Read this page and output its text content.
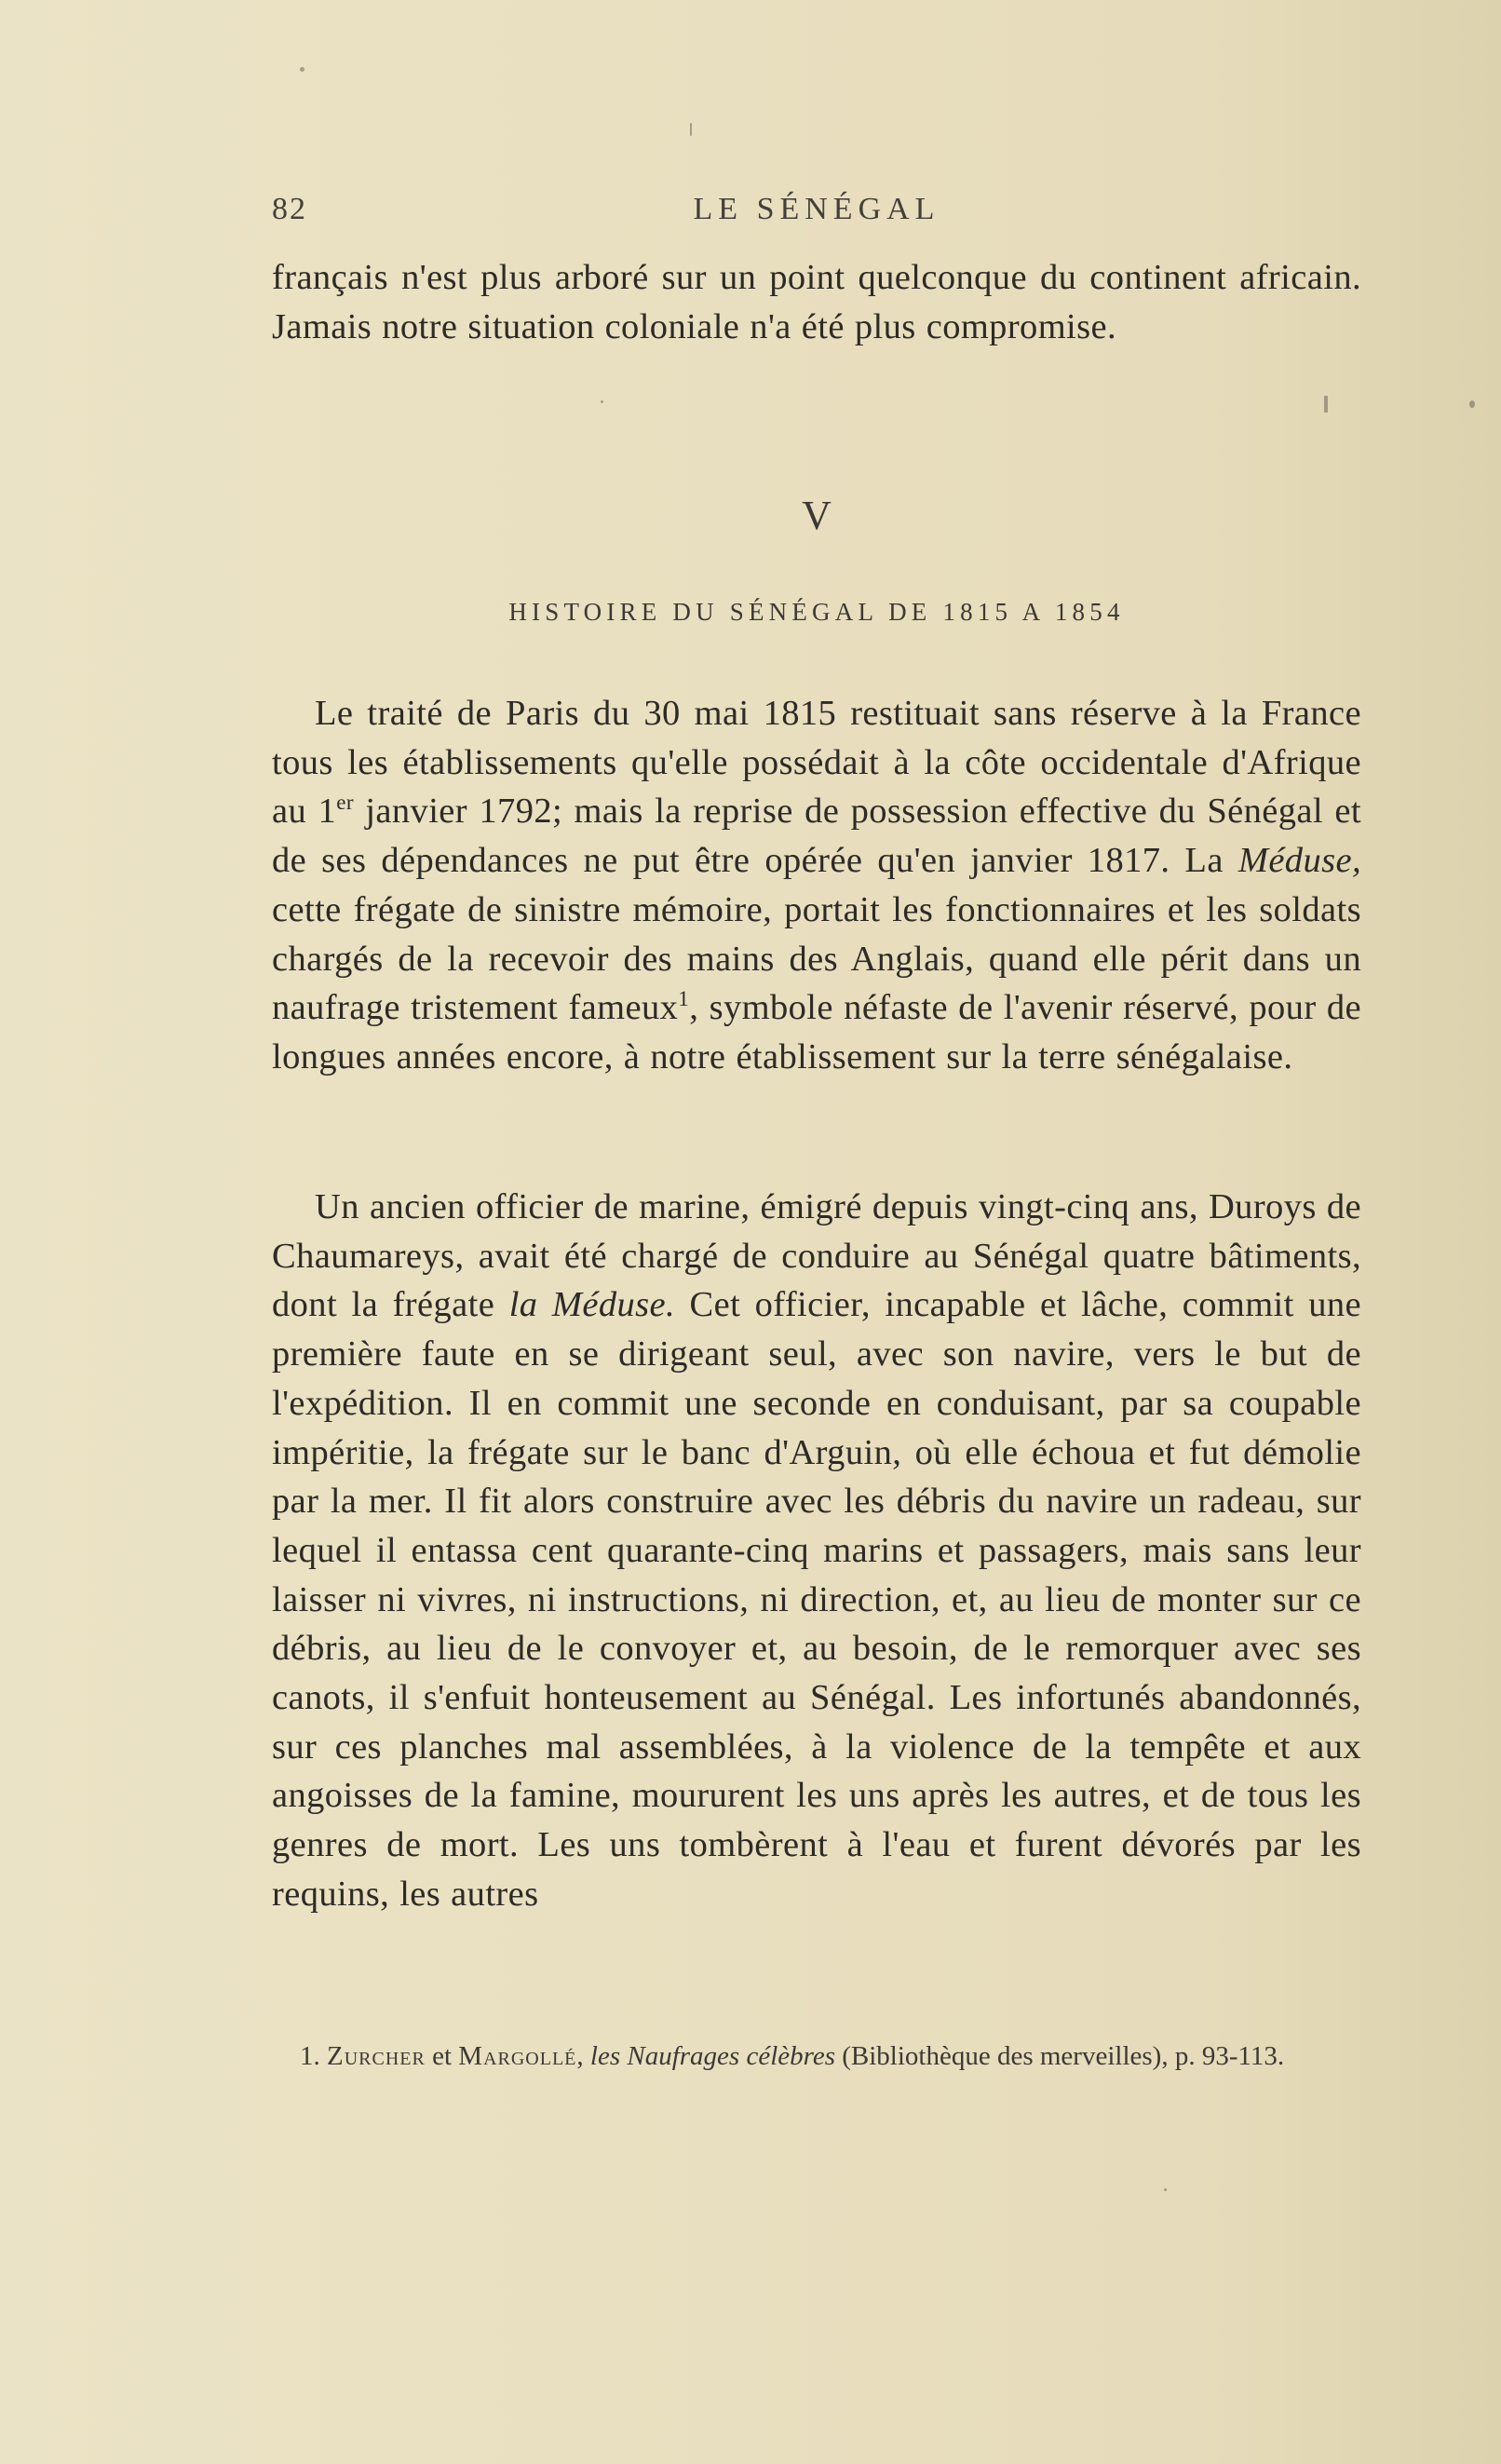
82	LE SÉNÉGAL

français n'est plus arboré sur un point quelconque du continent africain. Jamais notre situation coloniale n'a été plus compromise.

V
HISTOIRE DU SÉNÉGAL DE 1815 A 1854

Le traité de Paris du 30 mai 1815 restituait sans réserve à la France tous les établissements qu'elle possédait à la côte occidentale d'Afrique au 1er janvier 1792; mais la reprise de possession effective du Sénégal et de ses dépendances ne put être opérée qu'en janvier 1817. La Méduse, cette frégate de sinistre mémoire, portait les fonctionnaires et les soldats chargés de la recevoir des mains des Anglais, quand elle périt dans un naufrage tristement fameux$^1$, symbole néfaste de l'avenir réservé, pour de longues années encore, à notre établissement sur la terre sénégalaise.

Un ancien officier de marine, émigré depuis vingt-cinq ans, Duroys de Chaumareys, avait été chargé de conduire au Sénégal quatre bâtiments, dont la frégate la Méduse. Cet officier, incapable et lâche, commit une première faute en se dirigeant seul, avec son navire, vers le but de l'expédition. Il en commit une seconde en conduisant, par sa coupable impéritie, la frégate sur le banc d'Arguin, où elle échoua et fut démolie par la mer. Il fit alors construire avec les débris du navire un radeau, sur lequel il entassa cent quarante-cinq marins et passagers, mais sans leur laisser ni vivres, ni instructions, ni direction, et, au lieu de monter sur ce débris, au lieu de le convoyer et, au besoin, de le remorquer avec ses canots, il s'enfuit honteusement au Sénégal. Les infortunés abandonnés, sur ces planches mal assemblées, à la violence de la tempête et aux angoisses de la famine, moururent les uns après les autres, et de tous les genres de mort. Les uns tombèrent à l'eau et furent dévorés par les requins, les autres

1. Zurcher et Margollé, les Naufrages célèbres (Bibliothèque des merveilles), p. 93-113.
